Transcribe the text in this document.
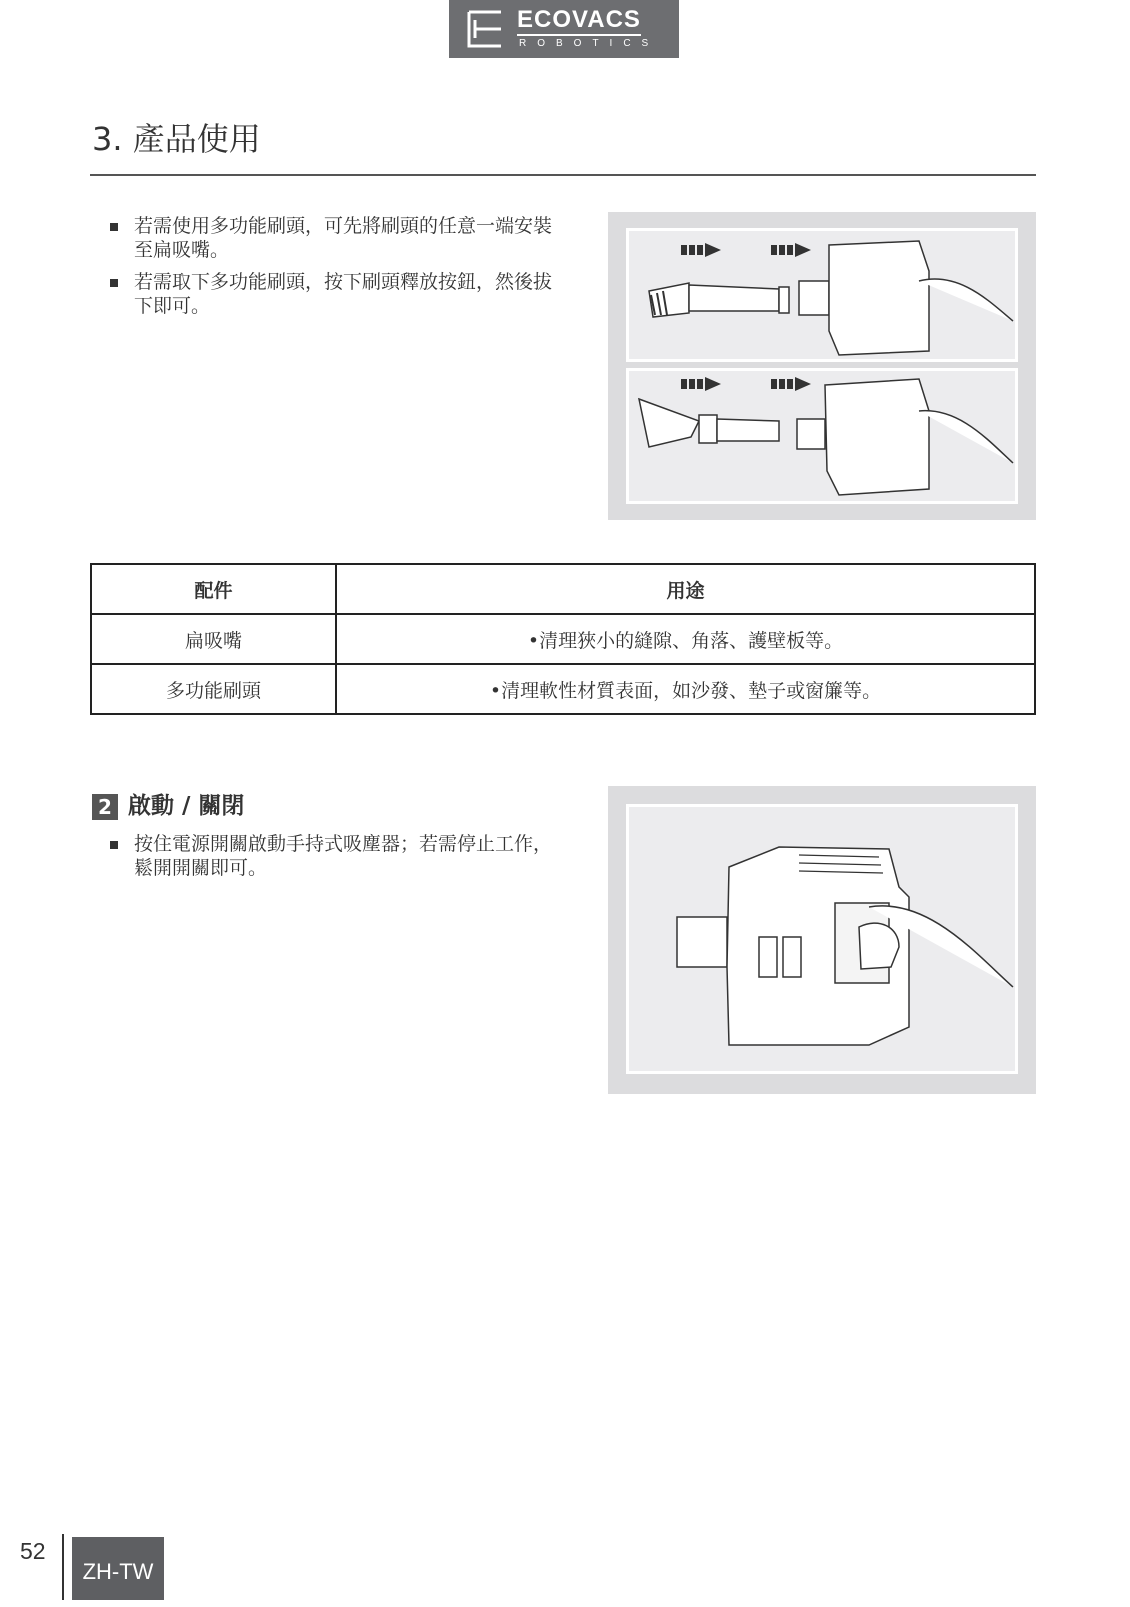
ECOVACS
ROBOTICS
3. 產品使用
若需使用多功能刷頭，可先將刷頭的任意一端安裝至扁吸嘴。
若需取下多功能刷頭，按下刷頭釋放按鈕，然後拔下即可。
配件	用途
扁吸嘴	•清理狹小的縫隙、角落、護壁板等。
多功能刷頭	•清理軟性材質表面，如沙發、墊子或窗簾等。
2 啟動 / 關閉
按住電源開關啟動手持式吸塵器；若需停止工作，鬆開開關即可。
52
ZH-TW
